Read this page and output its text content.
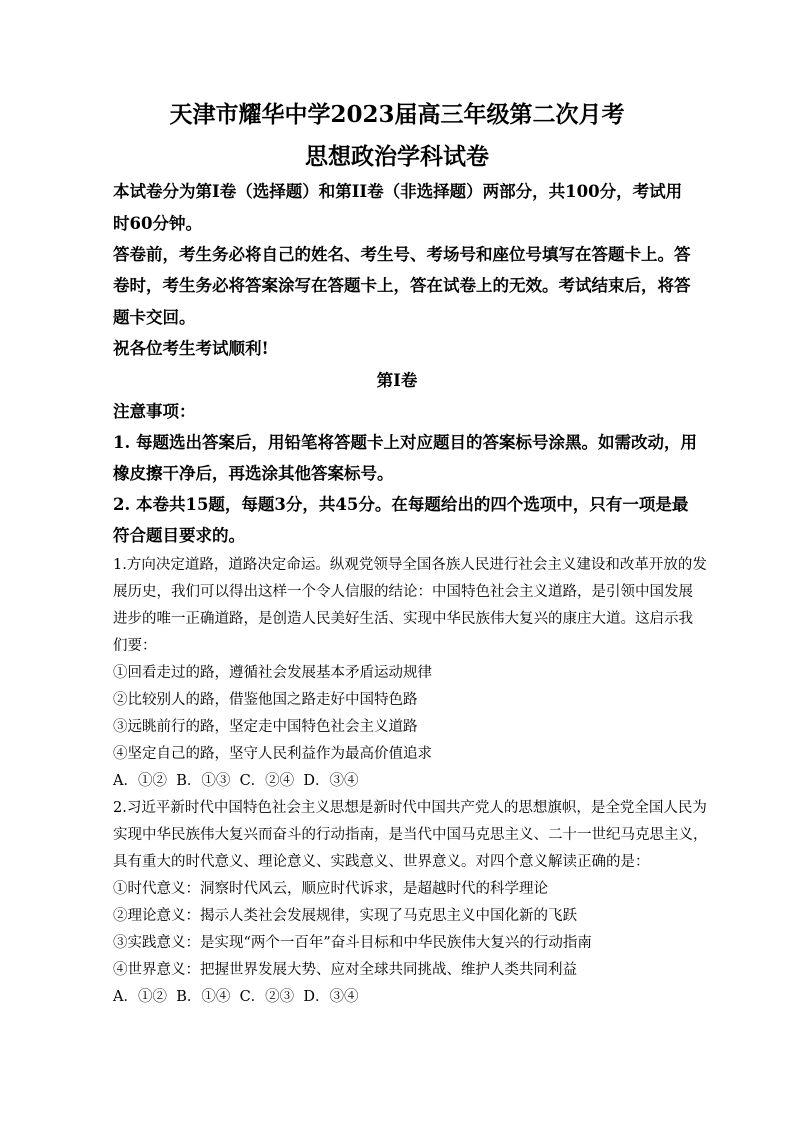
天津市耀华中学2023届高三年级第二次月考
思想政治学科试卷
本试卷分为第I卷（选择题）和第II卷（非选择题）两部分，共100分，考试用
时60分钟。
答卷前，考生务必将自己的姓名、考生号、考场号和座位号填写在答题卡上。答
卷时，考生务必将答案涂写在答题卡上，答在试卷上的无效。考试结束后，将答
题卡交回。
祝各位考生考试顺利!
第I卷
注意事项：
1. 每题选出答案后，用铅笔将答题卡上对应题目的答案标号涂黑。如需改动，用
橡皮擦干净后，再选涂其他答案标号。
2. 本卷共15题，每题3分，共45分。在每题给出的四个选项中，只有一项是最
符合题目要求的。
1.方向决定道路，道路决定命运。纵观党领导全国各族人民进行社会主义建设和改革开放的发
展历史，我们可以得出这样一个令人信服的结论：中国特色社会主义道路，是引领中国发展
进步的唯一正确道路，是创造人民美好生活、实现中华民族伟大复兴的康庄大道。这启示我
们要：
①回看走过的路，遵循社会发展基本矛盾运动规律
②比较别人的路，借鉴他国之路走好中国特色路
③远眺前行的路，坚定走中国特色社会主义道路
④坚定自己的路，坚守人民利益作为最高价值追求
A．①②  B．①③  C．②④  D．③④
2.习近平新时代中国特色社会主义思想是新时代中国共产党人的思想旗帜，是全党全国人民为
实现中华民族伟大复兴而奋斗的行动指南，是当代中国马克思主义、二十一世纪马克思主义，
具有重大的时代意义、理论意义、实践意义、世界意义。对四个意义解读正确的是：
①时代意义：洞察时代风云，顺应时代诉求，是超越时代的科学理论
②理论意义：揭示人类社会发展规律，实现了马克思主义中国化新的飞跃
③实践意义：是实现“两个一百年”奋斗目标和中华民族伟大复兴的行动指南
④世界意义：把握世界发展大势、应对全球共同挑战、维护人类共同利益
A．①②  B．①④  C．②③  D．③④
